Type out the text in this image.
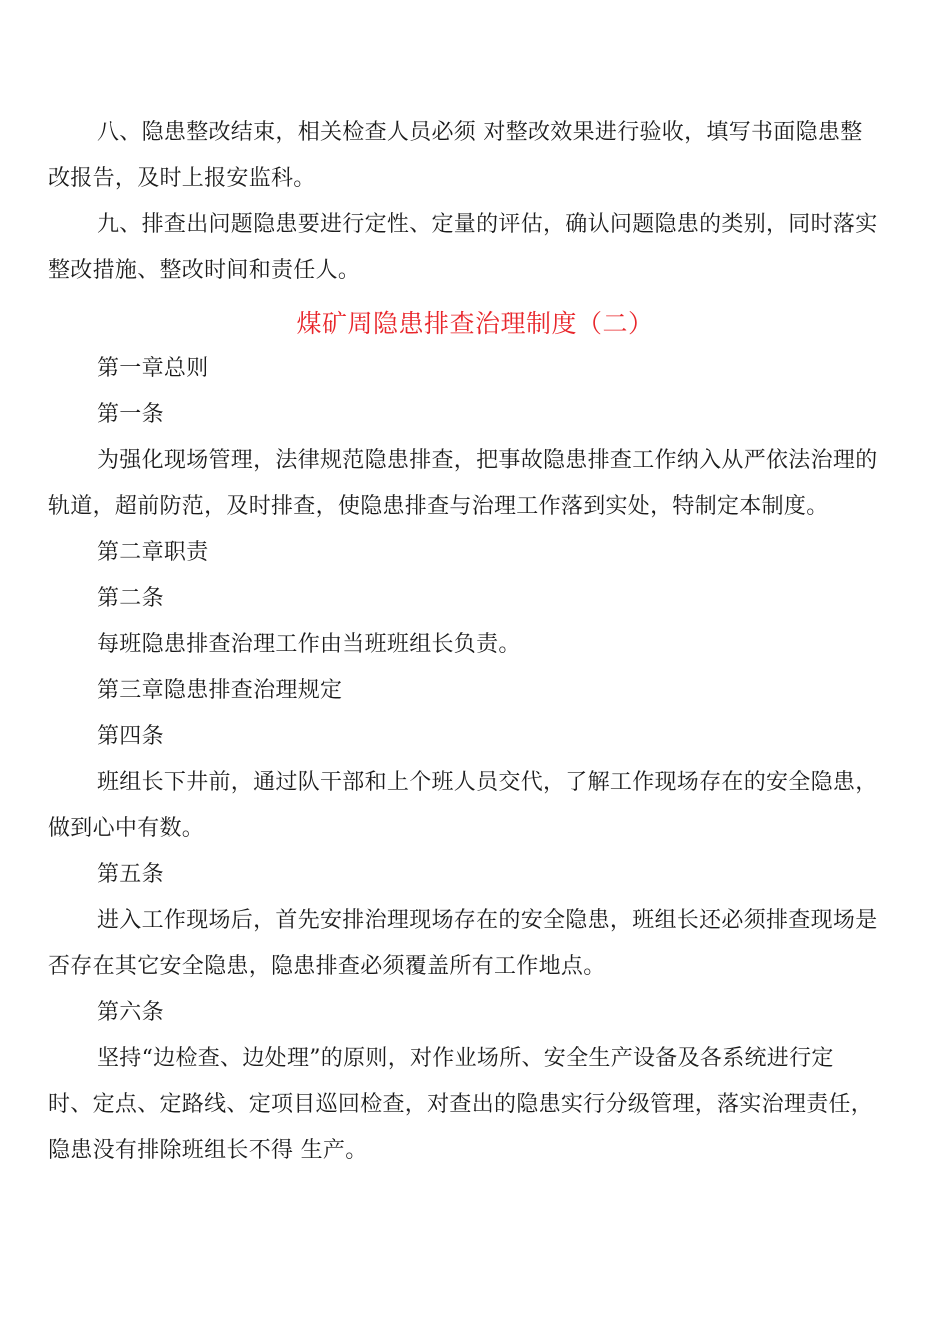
八、隐患整改结束，相关检查人员必须 对整改效果进行验收，填写书面隐患整
改报告，及时上报安监科。
九、排查出问题隐患要进行定性、定量的评估，确认问题隐患的类别，同时落实
整改措施、整改时间和责任人。
煤矿周隐患排查治理制度（二）
第一章总则
第一条
为强化现场管理，法律规范隐患排查，把事故隐患排查工作纳入从严依法治理的
轨道，超前防范，及时排查，使隐患排查与治理工作落到实处，特制定本制度。
第二章职责
第二条
每班隐患排查治理工作由当班班组长负责。
第三章隐患排查治理规定
第四条
班组长下井前，通过队干部和上个班人员交代，了解工作现场存在的安全隐患，
做到心中有数。
第五条
进入工作现场后，首先安排治理现场存在的安全隐患，班组长还必须排查现场是
否存在其它安全隐患，隐患排查必须覆盖所有工作地点。
第六条
坚持“边检查、边处理”的原则，对作业场所、安全生产设备及各系统进行定
时、定点、定路线、定项目巡回检查，对查出的隐患实行分级管理，落实治理责任，
隐患没有排除班组长不得 生产。
